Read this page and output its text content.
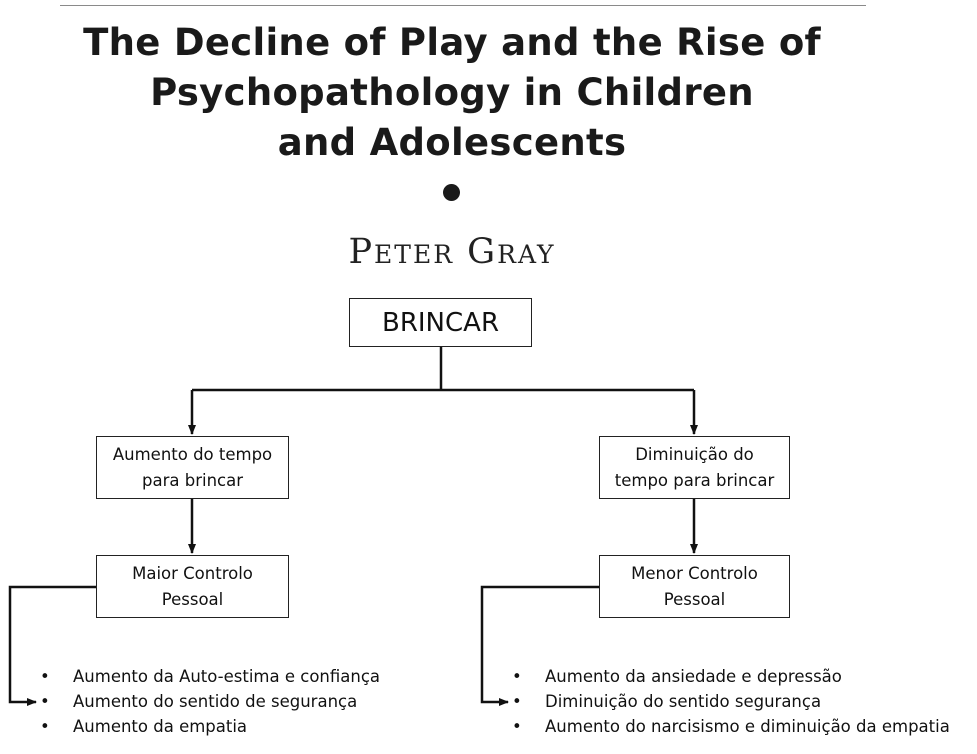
The Decline of Play and the Rise of
Psychopathology in Children
and Adolescents
Peter Gray
BRINCAR
Aumento do tempo
para brincar
Diminuição do
tempo para brincar
Maior Controlo
Pessoal
Menor Controlo
Pessoal
• Aumento da Auto-estima e confiança
• Aumento do sentido de segurança
• Aumento da empatia
• Aumento da ansiedade e depressão
• Diminuição do sentido segurança
• Aumento do narcisismo e diminuição da empatia
